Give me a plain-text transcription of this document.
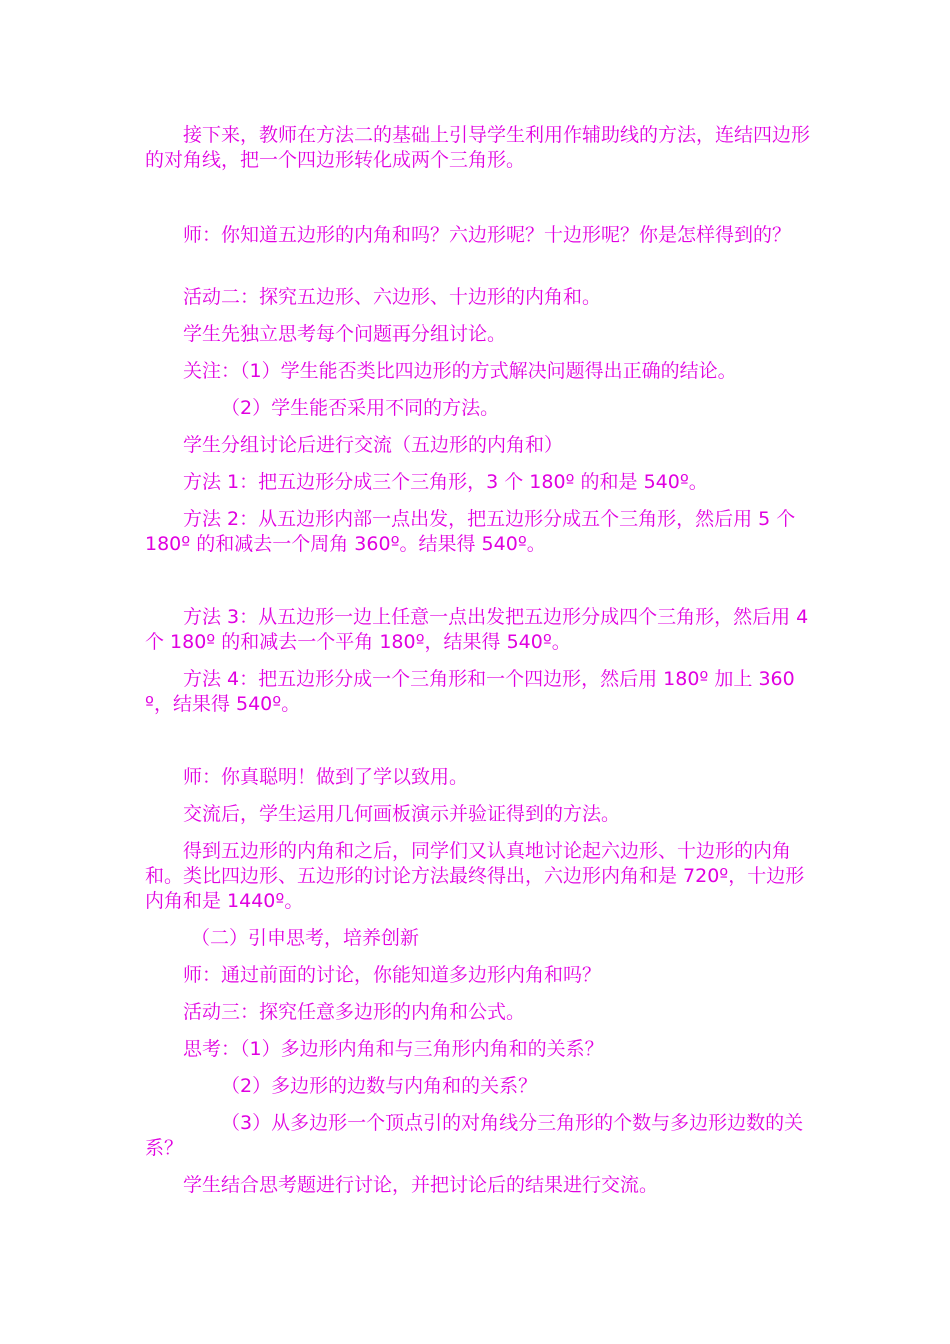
接下来，教师在方法二的基础上引导学生利用作辅助线的方法，连结四边形的对角线，把一个四边形转化成两个三角形。
师：你知道五边形的内角和吗？六边形呢？十边形呢？你是怎样得到的？
活动二：探究五边形、六边形、十边形的内角和。
学生先独立思考每个问题再分组讨论。
关注：（1）学生能否类比四边形的方式解决问题得出正确的结论。
（2）学生能否采用不同的方法。
学生分组讨论后进行交流（五边形的内角和）
方法 1：把五边形分成三个三角形，3 个 180º 的和是 540º。
方法 2：从五边形内部一点出发，把五边形分成五个三角形，然后用 5 个 180º 的和减去一个周角 360º。结果得 540º。
方法 3：从五边形一边上任意一点出发把五边形分成四个三角形，然后用 4 个 180º 的和减去一个平角 180º，结果得 540º。
方法 4：把五边形分成一个三角形和一个四边形，然后用 180º 加上 360º，结果得 540º。
师：你真聪明！做到了学以致用。
交流后，学生运用几何画板演示并验证得到的方法。
得到五边形的内角和之后，同学们又认真地讨论起六边形、十边形的内角和。类比四边形、五边形的讨论方法最终得出，六边形内角和是 720º，十边形内角和是 1440º。
（二）引申思考，培养创新
师：通过前面的讨论，你能知道多边形内角和吗？
活动三：探究任意多边形的内角和公式。
思考：（1）多边形内角和与三角形内角和的关系？
（2）多边形的边数与内角和的关系？
（3）从多边形一个顶点引的对角线分三角形的个数与多边形边数的关系？
学生结合思考题进行讨论，并把讨论后的结果进行交流。
